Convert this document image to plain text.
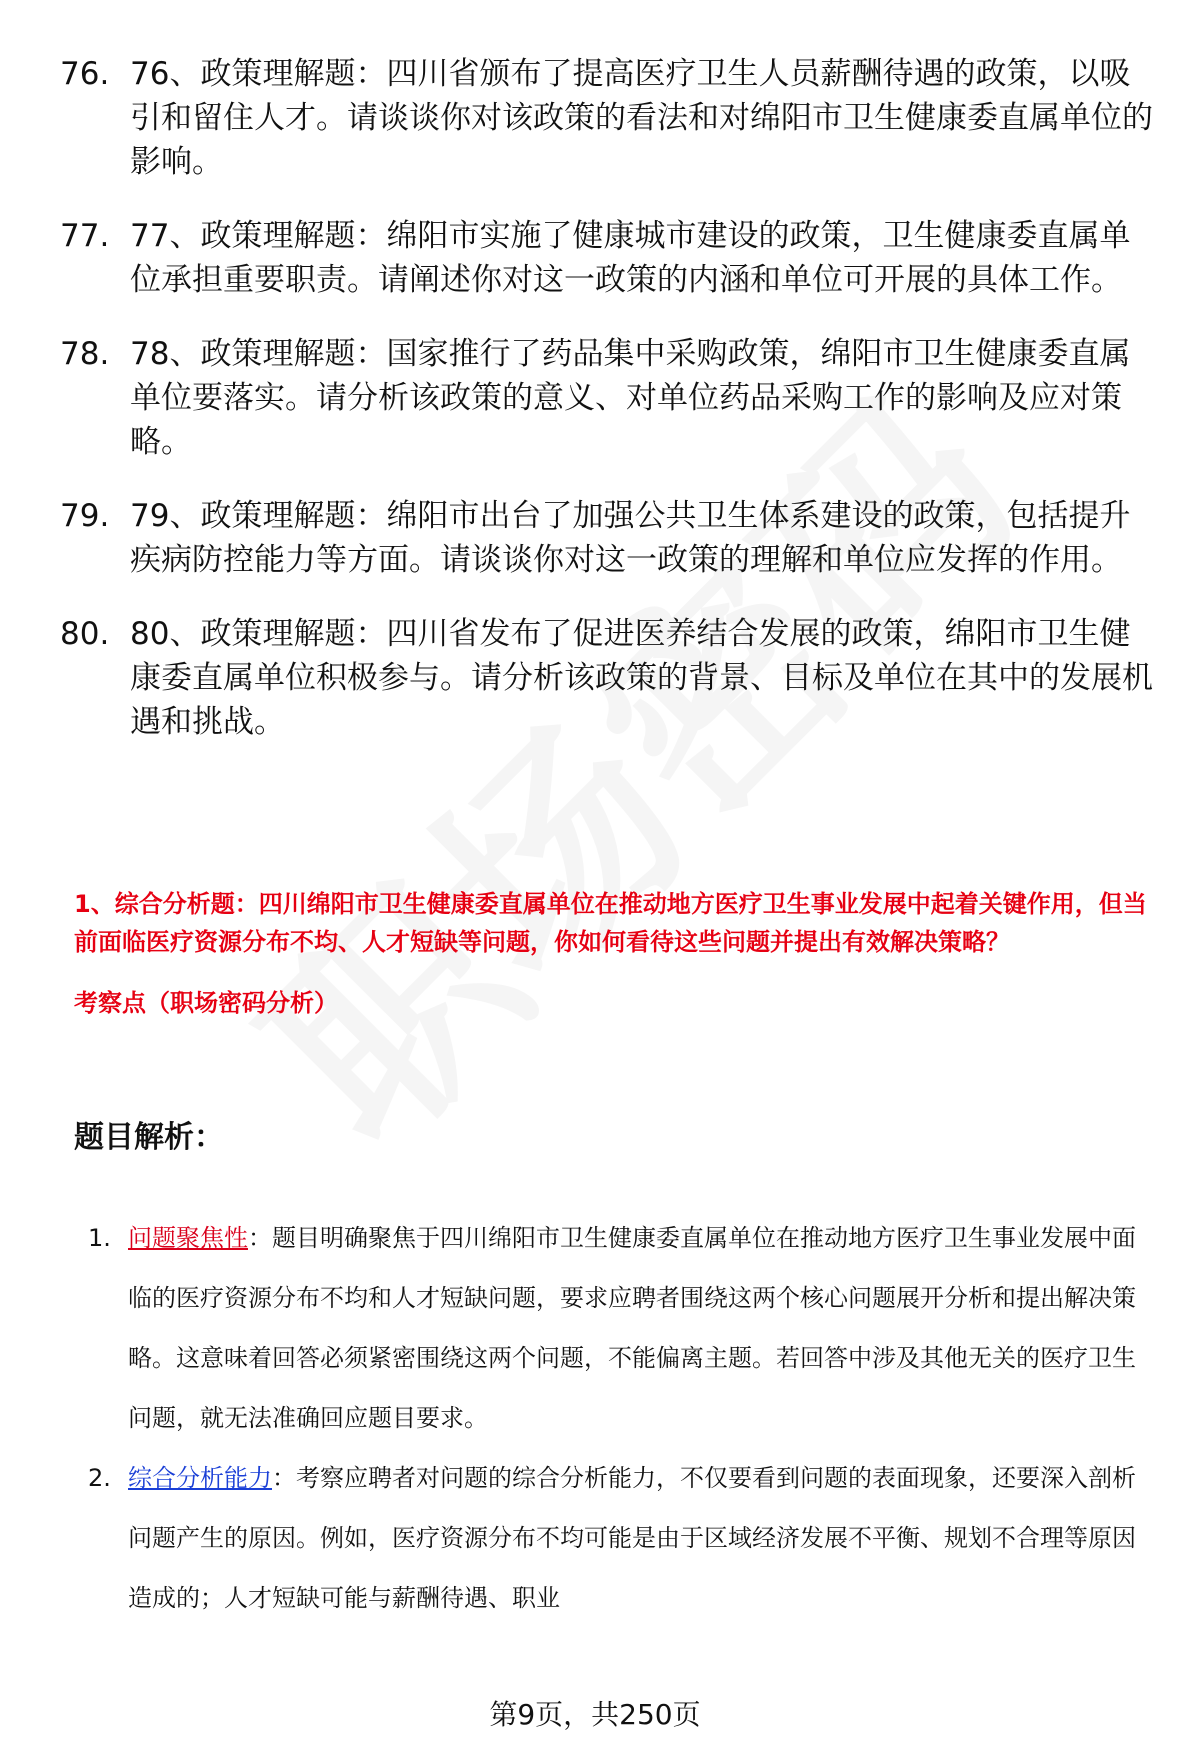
76. 76、政策理解题：四川省颁布了提高医疗卫生人员薪酬待遇的政策，以吸引和留住人才。请谈谈你对该政策的看法和对绵阳市卫生健康委直属单位的影响。
77. 77、政策理解题：绵阳市实施了健康城市建设的政策，卫生健康委直属单位承担重要职责。请阐述你对这一政策的内涵和单位可开展的具体工作。
78. 78、政策理解题：国家推行了药品集中采购政策，绵阳市卫生健康委直属单位要落实。请分析该政策的意义、对单位药品采购工作的影响及应对策略。
79. 79、政策理解题：绵阳市出台了加强公共卫生体系建设的政策，包括提升疾病防控能力等方面。请谈谈你对这一政策的理解和单位应发挥的作用。
80. 80、政策理解题：四川省发布了促进医养结合发展的政策，绵阳市卫生健康委直属单位积极参与。请分析该政策的背景、目标及单位在其中的发展机遇和挑战。

1、综合分析题：四川绵阳市卫生健康委直属单位在推动地方医疗卫生事业发展中起着关键作用，但当前面临医疗资源分布不均、人才短缺等问题，你如何看待这些问题并提出有效解决策略？

考察点（职场密码分析）
题目解析：
1. 问题聚焦性：题目明确聚焦于四川绵阳市卫生健康委直属单位在推动地方医疗卫生事业发展中面临的医疗资源分布不均和人才短缺问题，要求应聘者围绕这两个核心问题展开分析和提出解决策略。这意味着回答必须紧密围绕这两个问题，不能偏离主题。若回答中涉及其他无关的医疗卫生问题，就无法准确回应题目要求。
2. 综合分析能力：考察应聘者对问题的综合分析能力，不仅要看到问题的表面现象，还要深入剖析问题产生的原因。例如，医疗资源分布不均可能是由于区域经济发展不平衡、规划不合理等原因造成的；人才短缺可能与薪酬待遇、职业
第9页，共250页
